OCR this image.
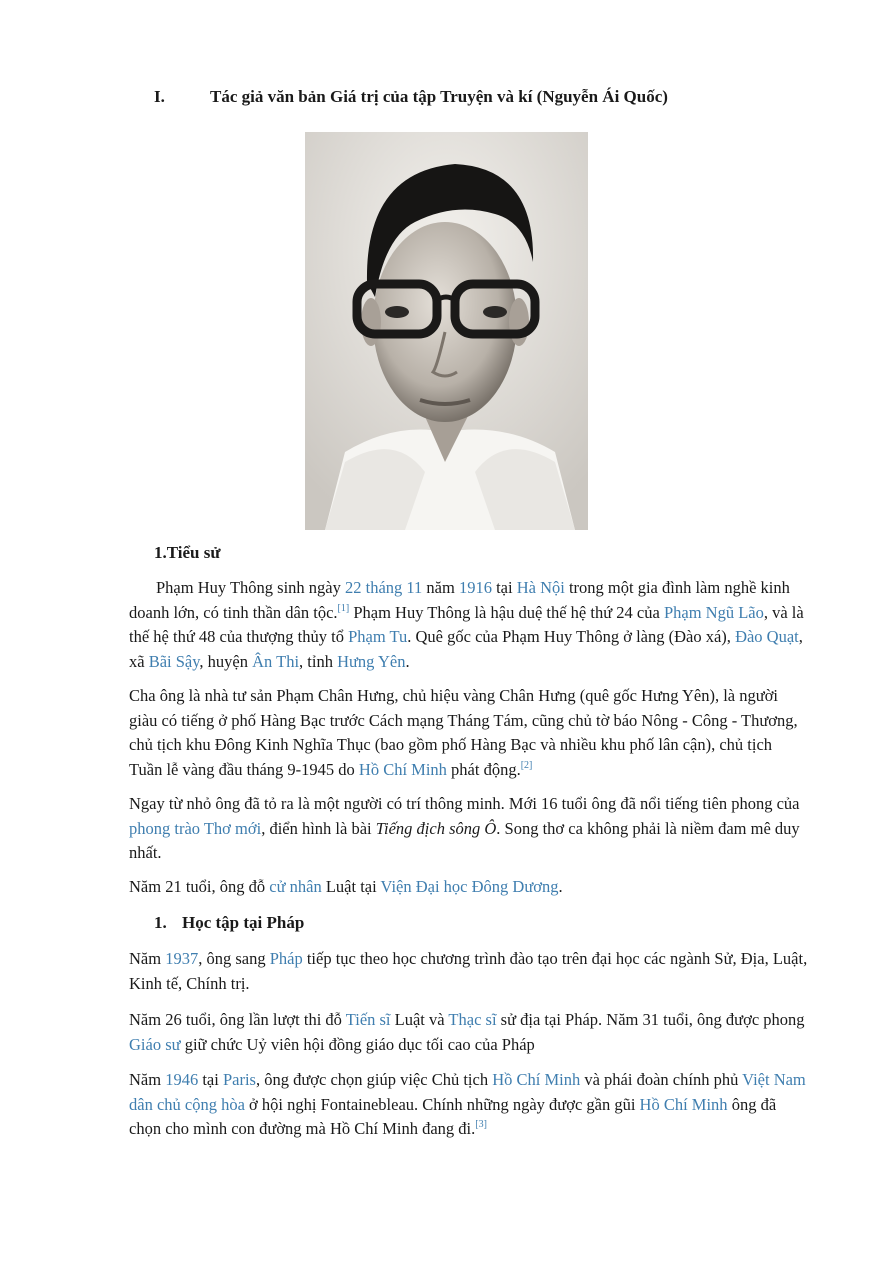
I.	Tác giả văn bản Giá trị của tập Truyện và kí (Nguyễn Ái Quốc)
1.Tiểu sử
Phạm Huy Thông sinh ngày 22 tháng 11 năm 1916 tại Hà Nội trong một gia đình làm nghề kinh doanh lớn, có tinh thần dân tộc.[1] Phạm Huy Thông là hậu duệ thế hệ thứ 24 của Phạm Ngũ Lão, và là thế hệ thứ 48 của thượng thủy tổ Phạm Tu. Quê gốc của Phạm Huy Thông ở làng (Đào xá), Đào Quạt, xã Bãi Sậy, huyện Ân Thi, tỉnh Hưng Yên.
Cha ông là nhà tư sản Phạm Chân Hưng, chủ hiệu vàng Chân Hưng (quê gốc Hưng Yên), là người giàu có tiếng ở phố Hàng Bạc trước Cách mạng Tháng Tám, cũng chủ tờ báo Nông - Công - Thương, chủ tịch khu Đông Kinh Nghĩa Thục (bao gồm phố Hàng Bạc và nhiều khu phố lân cận), chủ tịch Tuần lễ vàng đầu tháng 9-1945 do Hồ Chí Minh phát động.[2]
Ngay từ nhỏ ông đã tỏ ra là một người có trí thông minh. Mới 16 tuổi ông đã nổi tiếng tiên phong của phong trào Thơ mới, điển hình là bài Tiếng địch sông Ô. Song thơ ca không phải là niềm đam mê duy nhất.
Năm 21 tuổi, ông đỗ cử nhân Luật tại Viện Đại học Đông Dương.
1. Học tập tại Pháp
Năm 1937, ông sang Pháp tiếp tục theo học chương trình đào tạo trên đại học các ngành Sử, Địa, Luật, Kinh tế, Chính trị.
Năm 26 tuổi, ông lần lượt thi đỗ Tiến sĩ Luật và Thạc sĩ sử địa tại Pháp. Năm 31 tuổi, ông được phong Giáo sư giữ chức Uỷ viên hội đồng giáo dục tối cao của Pháp
Năm 1946 tại Paris, ông được chọn giúp việc Chủ tịch Hồ Chí Minh và phái đoàn chính phủ Việt Nam dân chủ cộng hòa ở hội nghị Fontainebleau. Chính những ngày được gần gũi Hồ Chí Minh ông đã chọn cho mình con đường mà Hồ Chí Minh đang đi.[3]
